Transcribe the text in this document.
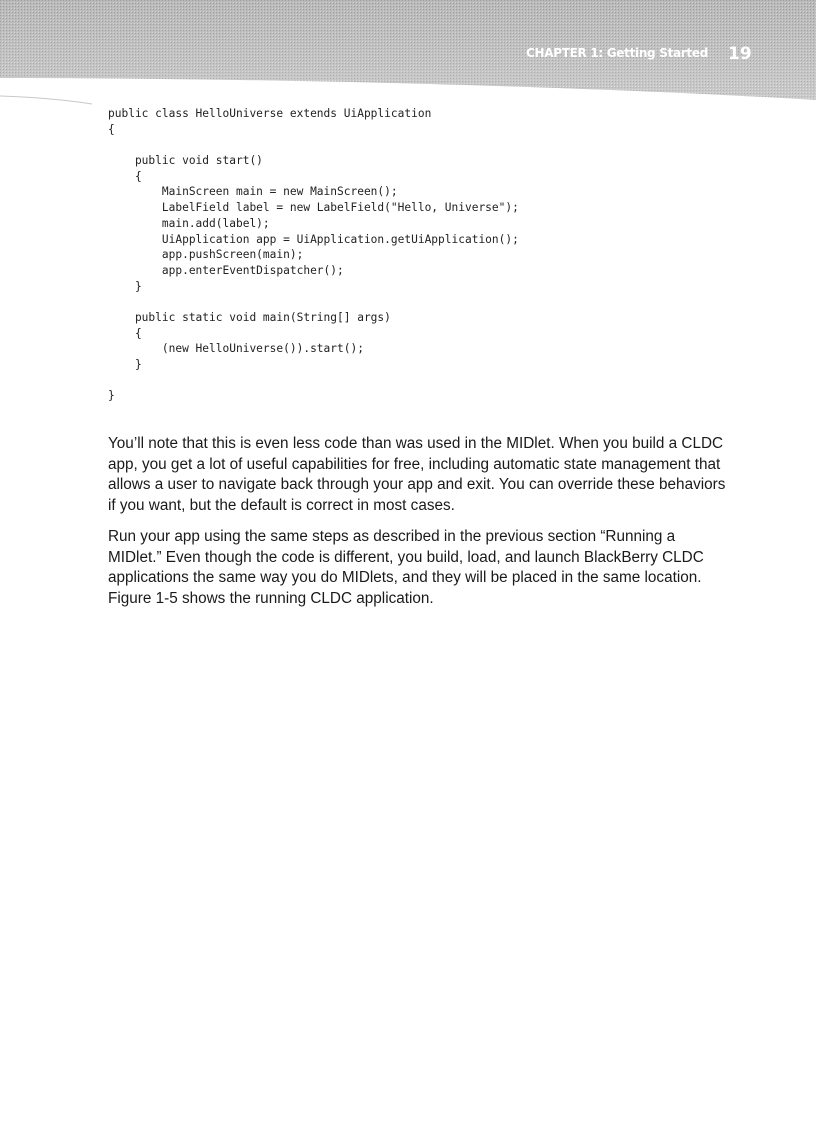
CHAPTER 1: Getting Started 19
public class HelloUniverse extends UiApplication
{
public void start()
{
MainScreen main = new MainScreen();
LabelField label = new LabelField("Hello, Universe");
main.add(label);
UiApplication app = UiApplication.getUiApplication();
app.pushScreen(main);
app.enterEventDispatcher();
}
public static void main(String[] args)
{
(new HelloUniverse()).start();
}
}

You’ll note that this is even less code than was used in the MIDlet. When you build a CLDC app, you get a lot of useful capabilities for free, including automatic state management that allows a user to navigate back through your app and exit. You can override these behaviors if you want, but the default is correct in most cases.

Run your app using the same steps as described in the previous section “Running a MIDlet.” Even though the code is different, you build, load, and launch BlackBerry CLDC applications the same way you do MIDlets, and they will be placed in the same location. Figure 1-5 shows the running CLDC application.
